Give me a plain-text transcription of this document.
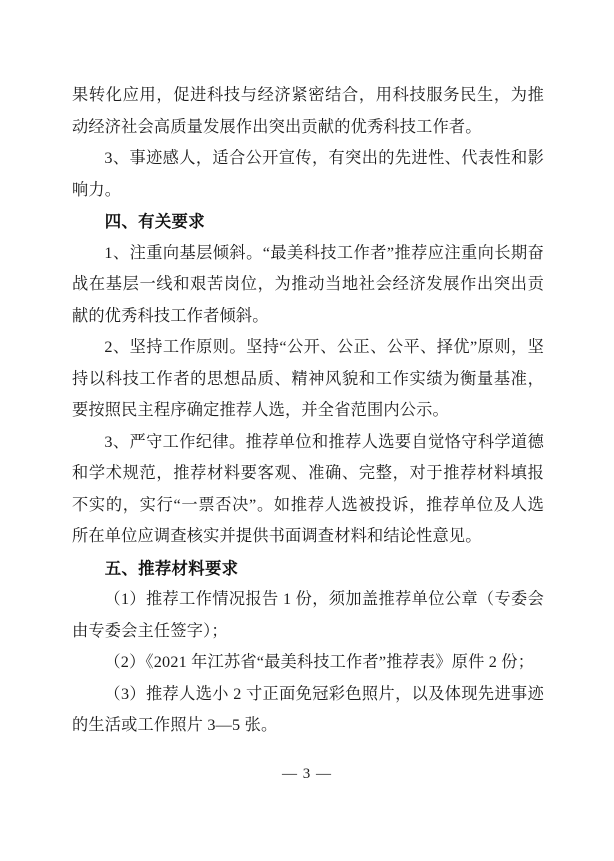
果转化应用，促进科技与经济紧密结合，用科技服务民生，为推动经济社会高质量发展作出突出贡献的优秀科技工作者。

3、事迹感人，适合公开宣传，有突出的先进性、代表性和影响力。

四、有关要求

1、注重向基层倾斜。“最美科技工作者”推荐应注重向长期奋战在基层一线和艰苦岗位，为推动当地社会经济发展作出突出贡献的优秀科技工作者倾斜。

2、坚持工作原则。坚持“公开、公正、公平、择优”原则，坚持以科技工作者的思想品质、精神风貌和工作实绩为衡量基准，要按照民主程序确定推荐人选，并全省范围内公示。

3、严守工作纪律。推荐单位和推荐人选要自觉恪守科学道德和学术规范，推荐材料要客观、准确、完整，对于推荐材料填报不实的，实行“一票否决”。如推荐人选被投诉，推荐单位及人选所在单位应调查核实并提供书面调查材料和结论性意见。

五、推荐材料要求

（1）推荐工作情况报告 1 份，须加盖推荐单位公章（专委会由专委会主任签字）；

（2）《2021 年江苏省“最美科技工作者”推荐表》原件 2 份；

（3）推荐人选小 2 寸正面免冠彩色照片，以及体现先进事迹的生活或工作照片 3—5 张。

— 3 —
